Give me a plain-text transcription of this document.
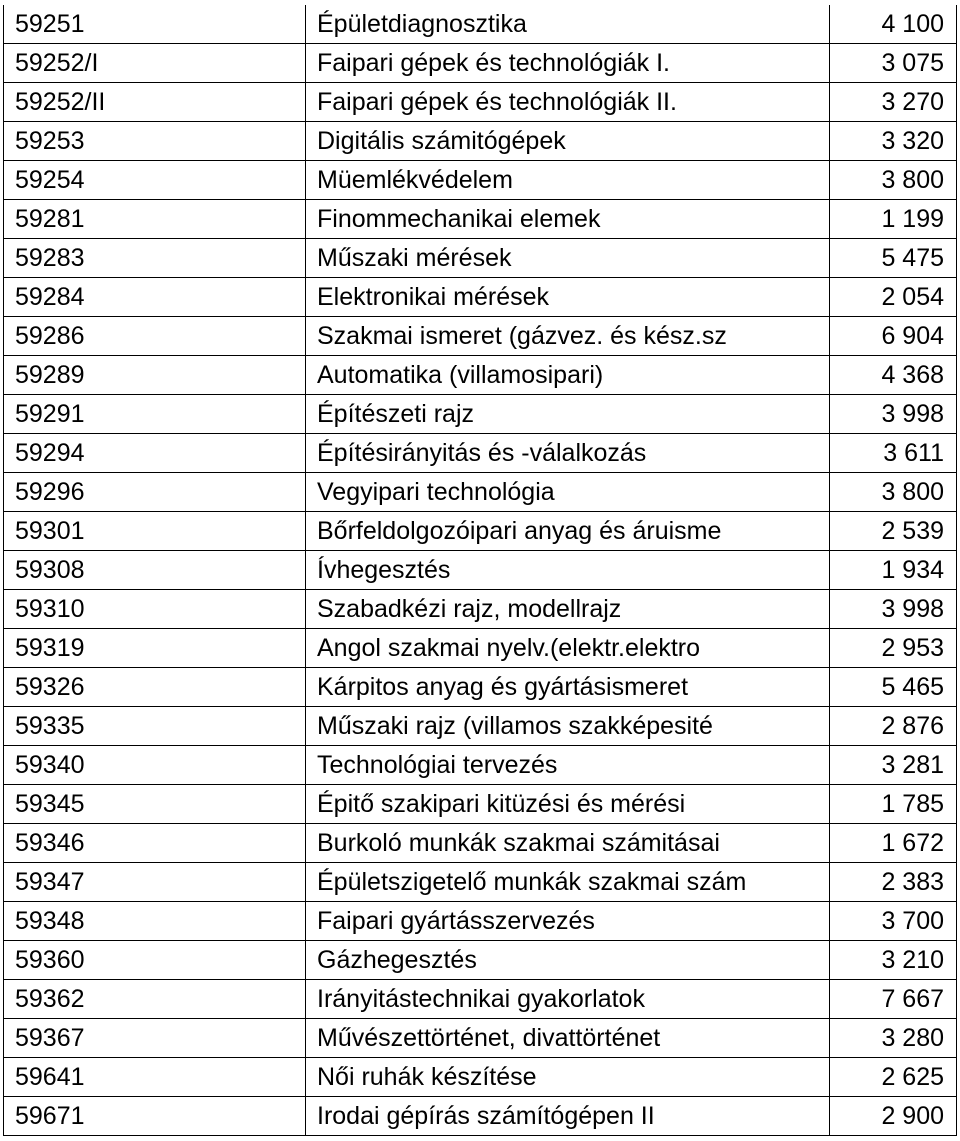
59251	Épületdiagnosztika	4 100
59252/I	Faipari gépek és technológiák I.	3 075
59252/II	Faipari gépek és technológiák II.	3 270
59253	Digitális számitógépek	3 320
59254	Müemlékvédelem	3 800
59281	Finommechanikai elemek	1 199
59283	Műszaki mérések	5 475
59284	Elektronikai mérések	2 054
59286	Szakmai ismeret (gázvez. és kész.sz	6 904
59289	Automatika (villamosipari)	4 368
59291	Építészeti rajz	3 998
59294	Építésirányitás és -válalkozás	3 611
59296	Vegyipari technológia	3 800
59301	Bőrfeldolgozóipari anyag és áruisme	2 539
59308	Ívhegesztés	1 934
59310	Szabadkézi rajz, modellrajz	3 998
59319	Angol szakmai nyelv.(elektr.elektro	2 953
59326	Kárpitos anyag és gyártásismeret	5 465
59335	Műszaki rajz (villamos szakképesité	2 876
59340	Technológiai tervezés	3 281
59345	Épitő szakipari kitüzési és mérési	1 785
59346	Burkoló munkák szakmai számitásai	1 672
59347	Épületszigetelő munkák szakmai szám	2 383
59348	Faipari gyártásszervezés	3 700
59360	Gázhegesztés	3 210
59362	Irányitástechnikai gyakorlatok	7 667
59367	Művészettörténet, divattörténet	3 280
59641	Női ruhák készítése	2 625
59671	Irodai gépírás számítógépen II	2 900
